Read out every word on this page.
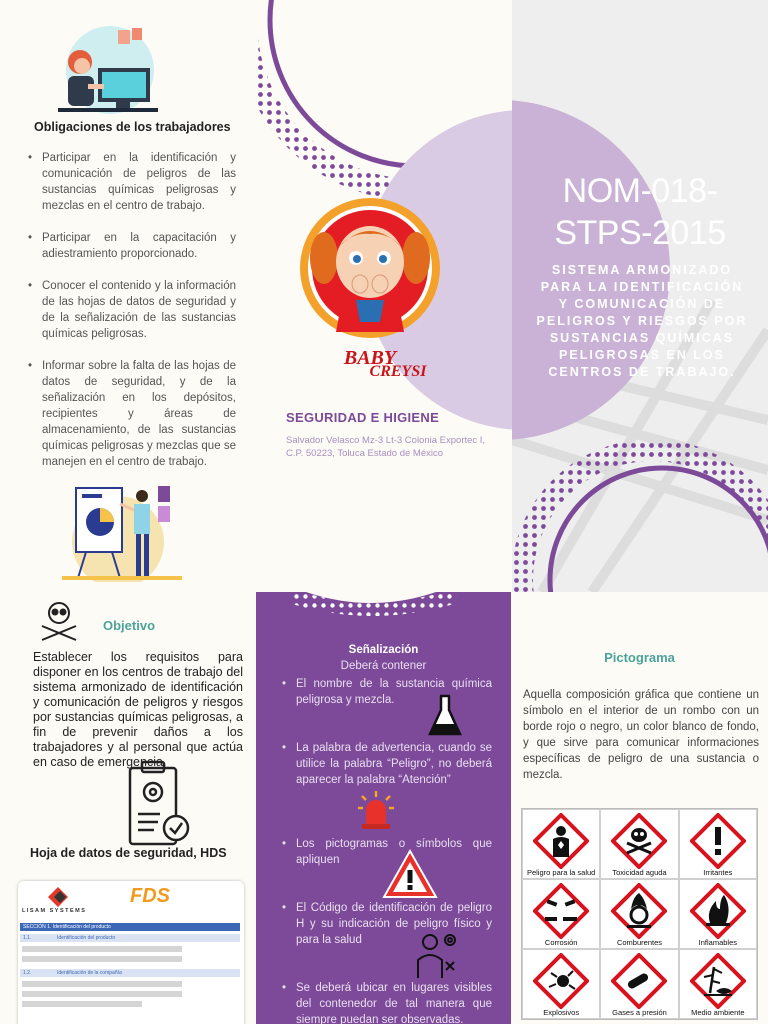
Obligaciones de los trabajadores
• Participar en la identificación y comunicación de peligros de las sustancias químicas peligrosas y mezclas en el centro de trabajo.
• Participar en la capacitación y adiestramiento proporcionado.
• Conocer el contenido y la información de las hojas de datos de seguridad y de la señalización de las sustancias químicas peligrosas.
• Informar sobre la falta de las hojas de datos de seguridad, y de la señalización en los depósitos, recipientes y áreas de almacenamiento, de las sustancias químicas peligrosas y mezclas que se manejen en el centro de trabajo.
BABY
CREYSI
SEGURIDAD E HIGIENE
Salvador Velasco Mz-3 Lt-3 Colonia Exportec I, C.P. 50223, Toluca Estado de México
NOM-018-
STPS-2015
SISTEMA ARMONIZADO PARA LA IDENTIFICACIÓN Y COMUNICACIÓN DE PELIGROS Y RIESGOS POR SUSTANCIAS QUÍMICAS PELIGROSAS EN LOS CENTROS DE TRABAJO.
Objetivo
Establecer los requisitos para disponer en los centros de trabajo del sistema armonizado de identificación y comunicación de peligros y riesgos por sustancias químicas peligrosas, a fin de prevenir daños a los trabajadores y al personal que actúa en caso de emergencia.
Hoja de datos de seguridad, HDS
LISAM SYSTEMS
FDS
SECCIÓN 1. Identificación del producto
1.1.	Identificación del producto
1.2.	Identificación de la compañía
Señalización
Deberá contener
• El nombre de la sustancia química peligrosa y mezcla.
• La palabra de advertencia, cuando se utilice la palabra “Peligro”, no deberá aparecer la palabra “Atención”
• Los pictogramas o símbolos que apliquen
• El Código de identificación de peligro H y su indicación de peligro físico y para la salud
• Se deberá ubicar en lugares visibles del contenedor de tal manera que siempre puedan ser observadas.
Pictograma
Aquella composición gráfica que contiene un símbolo en el interior de un rombo con un borde rojo o negro, un color blanco de fondo, y que sirve para comunicar informaciones específicas de peligro de una sustancia o mezcla.
Peligro para la salud	Toxicidad aguda	Irritantes
Corrosión	Comburentes	Inflamables
Explosivos	Gases a presión	Medio ambiente
